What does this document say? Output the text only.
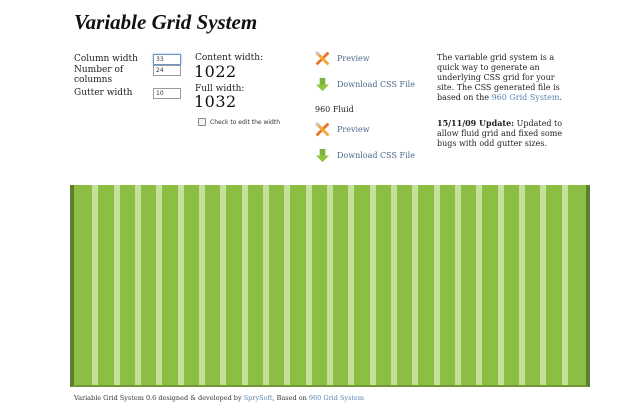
Variable Grid System
Column width
33
Number of columns
24
Gutter width
10
Content width:
1022
Full width:
1032
Check to edit the width
Preview
Download CSS File
960 Fluid
Preview
Download CSS File

The variable grid system is a quick way to generate an underlying CSS grid for your site. The CSS generated file is based on the 960 Grid System.

15/11/09 Update: Updated to allow fluid grid and fixed some bugs with odd gutter sizes.

Variable Grid System 0.6 designed & developed by SprySoft, Based on 960 Grid System
